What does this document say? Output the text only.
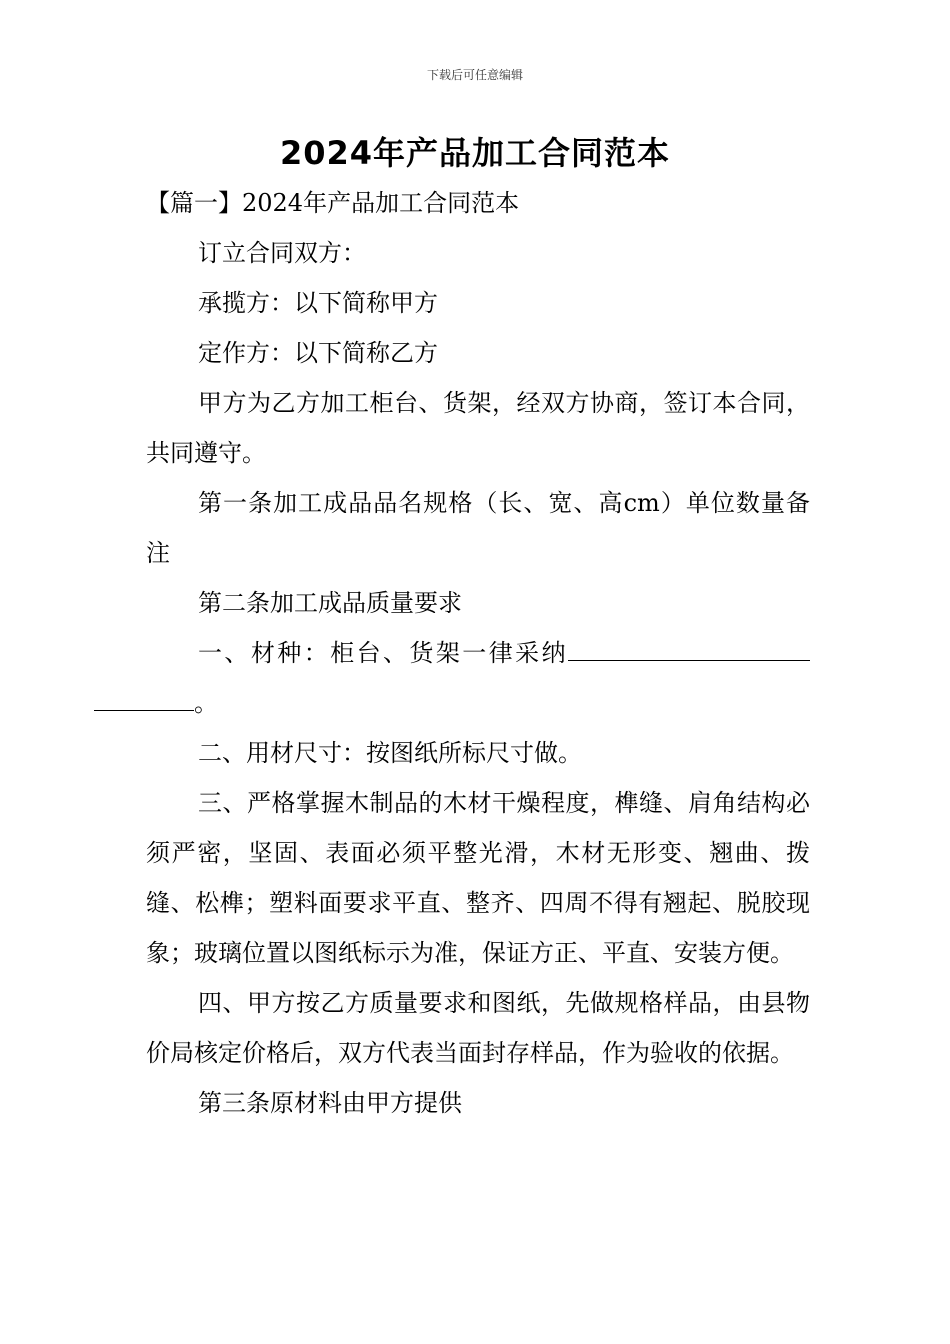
下载后可任意编辑
2024年产品加工合同范本

【篇一】2024年产品加工合同范本

订立合同双方：

承揽方：以下简称甲方

定作方：以下简称乙方

甲方为乙方加工柜台、货架，经双方协商，签订本合同，共同遵守。

第一条加工成品品名规格（长、宽、高cm）单位数量备注

第二条加工成品质量要求

一、材种：柜台、货架一律采纳。

二、用材尺寸：按图纸所标尺寸做。

三、严格掌握木制品的木材干燥程度，榫缝、肩角结构必须严密，坚固、表面必须平整光滑，木材无形变、翘曲、拨缝、松榫；塑料面要求平直、整齐、四周不得有翘起、脱胶现象；玻璃位置以图纸标示为准，保证方正、平直、安装方便。

四、甲方按乙方质量要求和图纸，先做规格样品，由县物价局核定价格后，双方代表当面封存样品，作为验收的依据。

第三条原材料由甲方提供
